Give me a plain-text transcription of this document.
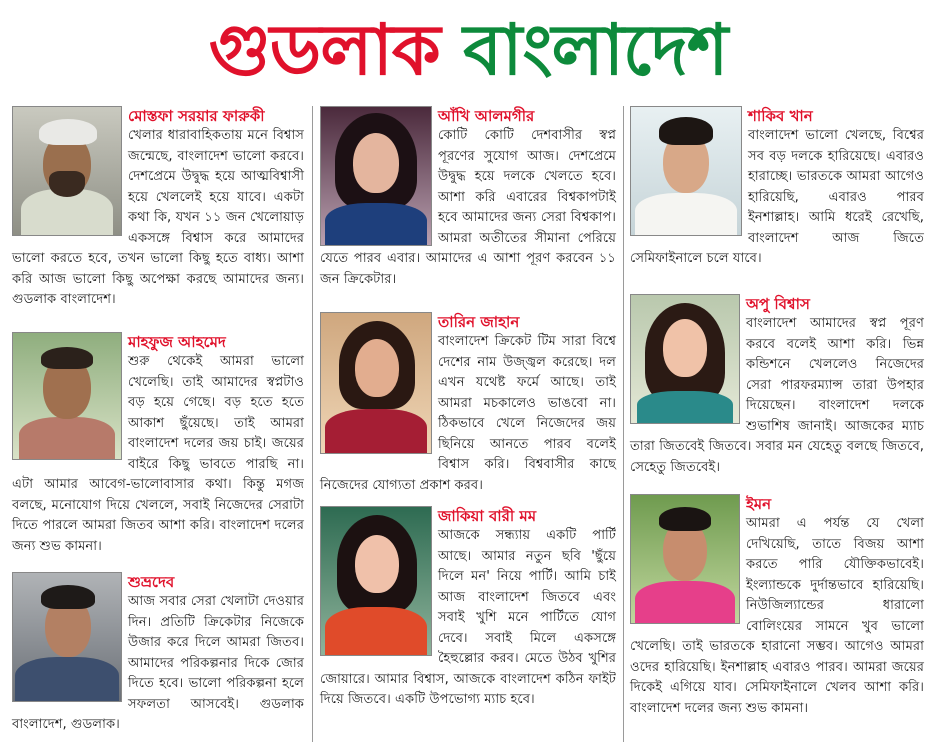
গুডলাক বাংলাদেশ
মোস্তফা সরয়ার ফারুকী

খেলার ধারাবাহিকতায় মনে বিশ্বাস জন্মেছে, বাংলাদেশ ভালো করবে। দেশপ্রেমে উদ্বুদ্ধ হয়ে আত্মবিশ্বাসী হয়ে খেললেই হয়ে যাবে। একটা কথা কি, যখন ১১ জন খেলোয়াড় একসঙ্গে বিশ্বাস করে আমাদের ভালো করতে হবে, তখন ভালো কিছু হতে বাধ্য। আশা করি আজ ভালো কিছু অপেক্ষা করছে আমাদের জন্য। গুডলাক বাংলাদেশ।

মাহফুজ আহমেদ

শুরু থেকেই আমরা ভালো খেলেছি। তাই আমাদের স্বপ্নটাও বড় হয়ে গেছে। বড় হতে হতে আকাশ ছুঁয়েছে। তাই আমরা বাংলাদেশ দলের জয় চাই। জয়ের বাইরে কিছু ভাবতে পারছি না। এটা আমার আবেগ-ভালোবাসার কথা। কিন্তু মগজ বলছে, মনোযোগ দিয়ে খেললে, সবাই নিজেদের সেরাটা দিতে পারলে আমরা জিতব আশা করি। বাংলাদেশ দলের জন্য শুভ কামনা।

শুভ্রদেব

আজ সবার সেরা খেলাটা দেওয়ার দিন। প্রতিটি ক্রিকেটার নিজেকে উজার করে দিলে আমরা জিতব। আমাদের পরিকল্পনার দিকে জোর দিতে হবে। ভালো পরিকল্পনা হলে সফলতা আসবেই। গুডলাক বাংলাদেশ, গুডলাক।

আঁখি আলমগীর

কোটি কোটি দেশবাসীর স্বপ্ন পূরণের সুযোগ আজ। দেশপ্রেমে উদ্বুদ্ধ হয়ে দলকে খেলতে হবে। আশা করি এবারের বিশ্বকাপটাই হবে আমাদের জন্য সেরা বিশ্বকাপ। আমরা অতীতের সীমানা পেরিয়ে যেতে পারব এবার। আমাদের এ আশা পূরণ করবেন ১১ জন ক্রিকেটার।

তারিন জাহান

বাংলাদেশ ক্রিকেট টিম সারা বিশ্বে দেশের নাম উজ্জ্বল করেছে। দল এখন যথেষ্ট ফর্মে আছে। তাই আমরা মচকালেও ভাঙবো না। ঠিকভাবে খেলে নিজেদের জয় ছিনিয়ে আনতে পারব বলেই বিশ্বাস করি। বিশ্ববাসীর কাছে নিজেদের যোগ্যতা প্রকাশ করব।

জাকিয়া বারী মম

আজকে সন্ধ্যায় একটি পার্টি আছে। আমার নতুন ছবি 'ছুঁয়ে দিলে মন' নিয়ে পার্টি। আমি চাই আজ বাংলাদেশ জিতবে এবং সবাই খুশি মনে পার্টিতে যোগ দেবে। সবাই মিলে একসঙ্গে হৈহুল্লোর করব। মেতে উঠব খুশির জোয়ারে। আমার বিশ্বাস, আজকে বাংলাদেশ কঠিন ফাইট দিয়ে জিতবে। একটি উপভোগ্য ম্যাচ হবে।

শাকিব খান

বাংলাদেশ ভালো খেলছে, বিশ্বের সব বড় দলকে হারিয়েছে। এবারও হারাচ্ছে। ভারতকে আমরা আগেও হারিয়েছি, এবারও পারব ইনশাল্লাহ। আমি ধরেই রেখেছি, বাংলাদেশ আজ জিতে সেমিফাইনালে চলে যাবে।

অপু বিশ্বাস

বাংলাদেশ আমাদের স্বপ্ন পূরণ করবে বলেই আশা করি। ভিন্ন কন্ডিশনে খেললেও নিজেদের সেরা পারফরম্যান্স তারা উপহার দিয়েছেন। বাংলাদেশ দলকে শুভাশিষ জানাই। আজকের ম্যাচ তারা জিতবেই জিতবে। সবার মন যেহেতু বলছে জিতবে, সেহেতু জিতবেই।

ইমন

আমরা এ পর্যন্ত যে খেলা দেখিয়েছি, তাতে বিজয় আশা করতে পারি যৌক্তিকভাবেই। ইংল্যান্ডকে দুর্দান্তভাবে হারিয়েছি। নিউজিল্যান্ডের ধারালো বোলিংয়ের সামনে খুব ভালো খেলেছি। তাই ভারতকে হারানো সম্ভব। আগেও আমরা ওদের হারিয়েছি। ইনশাল্লাহ এবারও পারব। আমরা জয়ের দিকেই এগিয়ে যাব। সেমিফাইনালে খেলব আশা করি। বাংলাদেশ দলের জন্য শুভ কামনা।
